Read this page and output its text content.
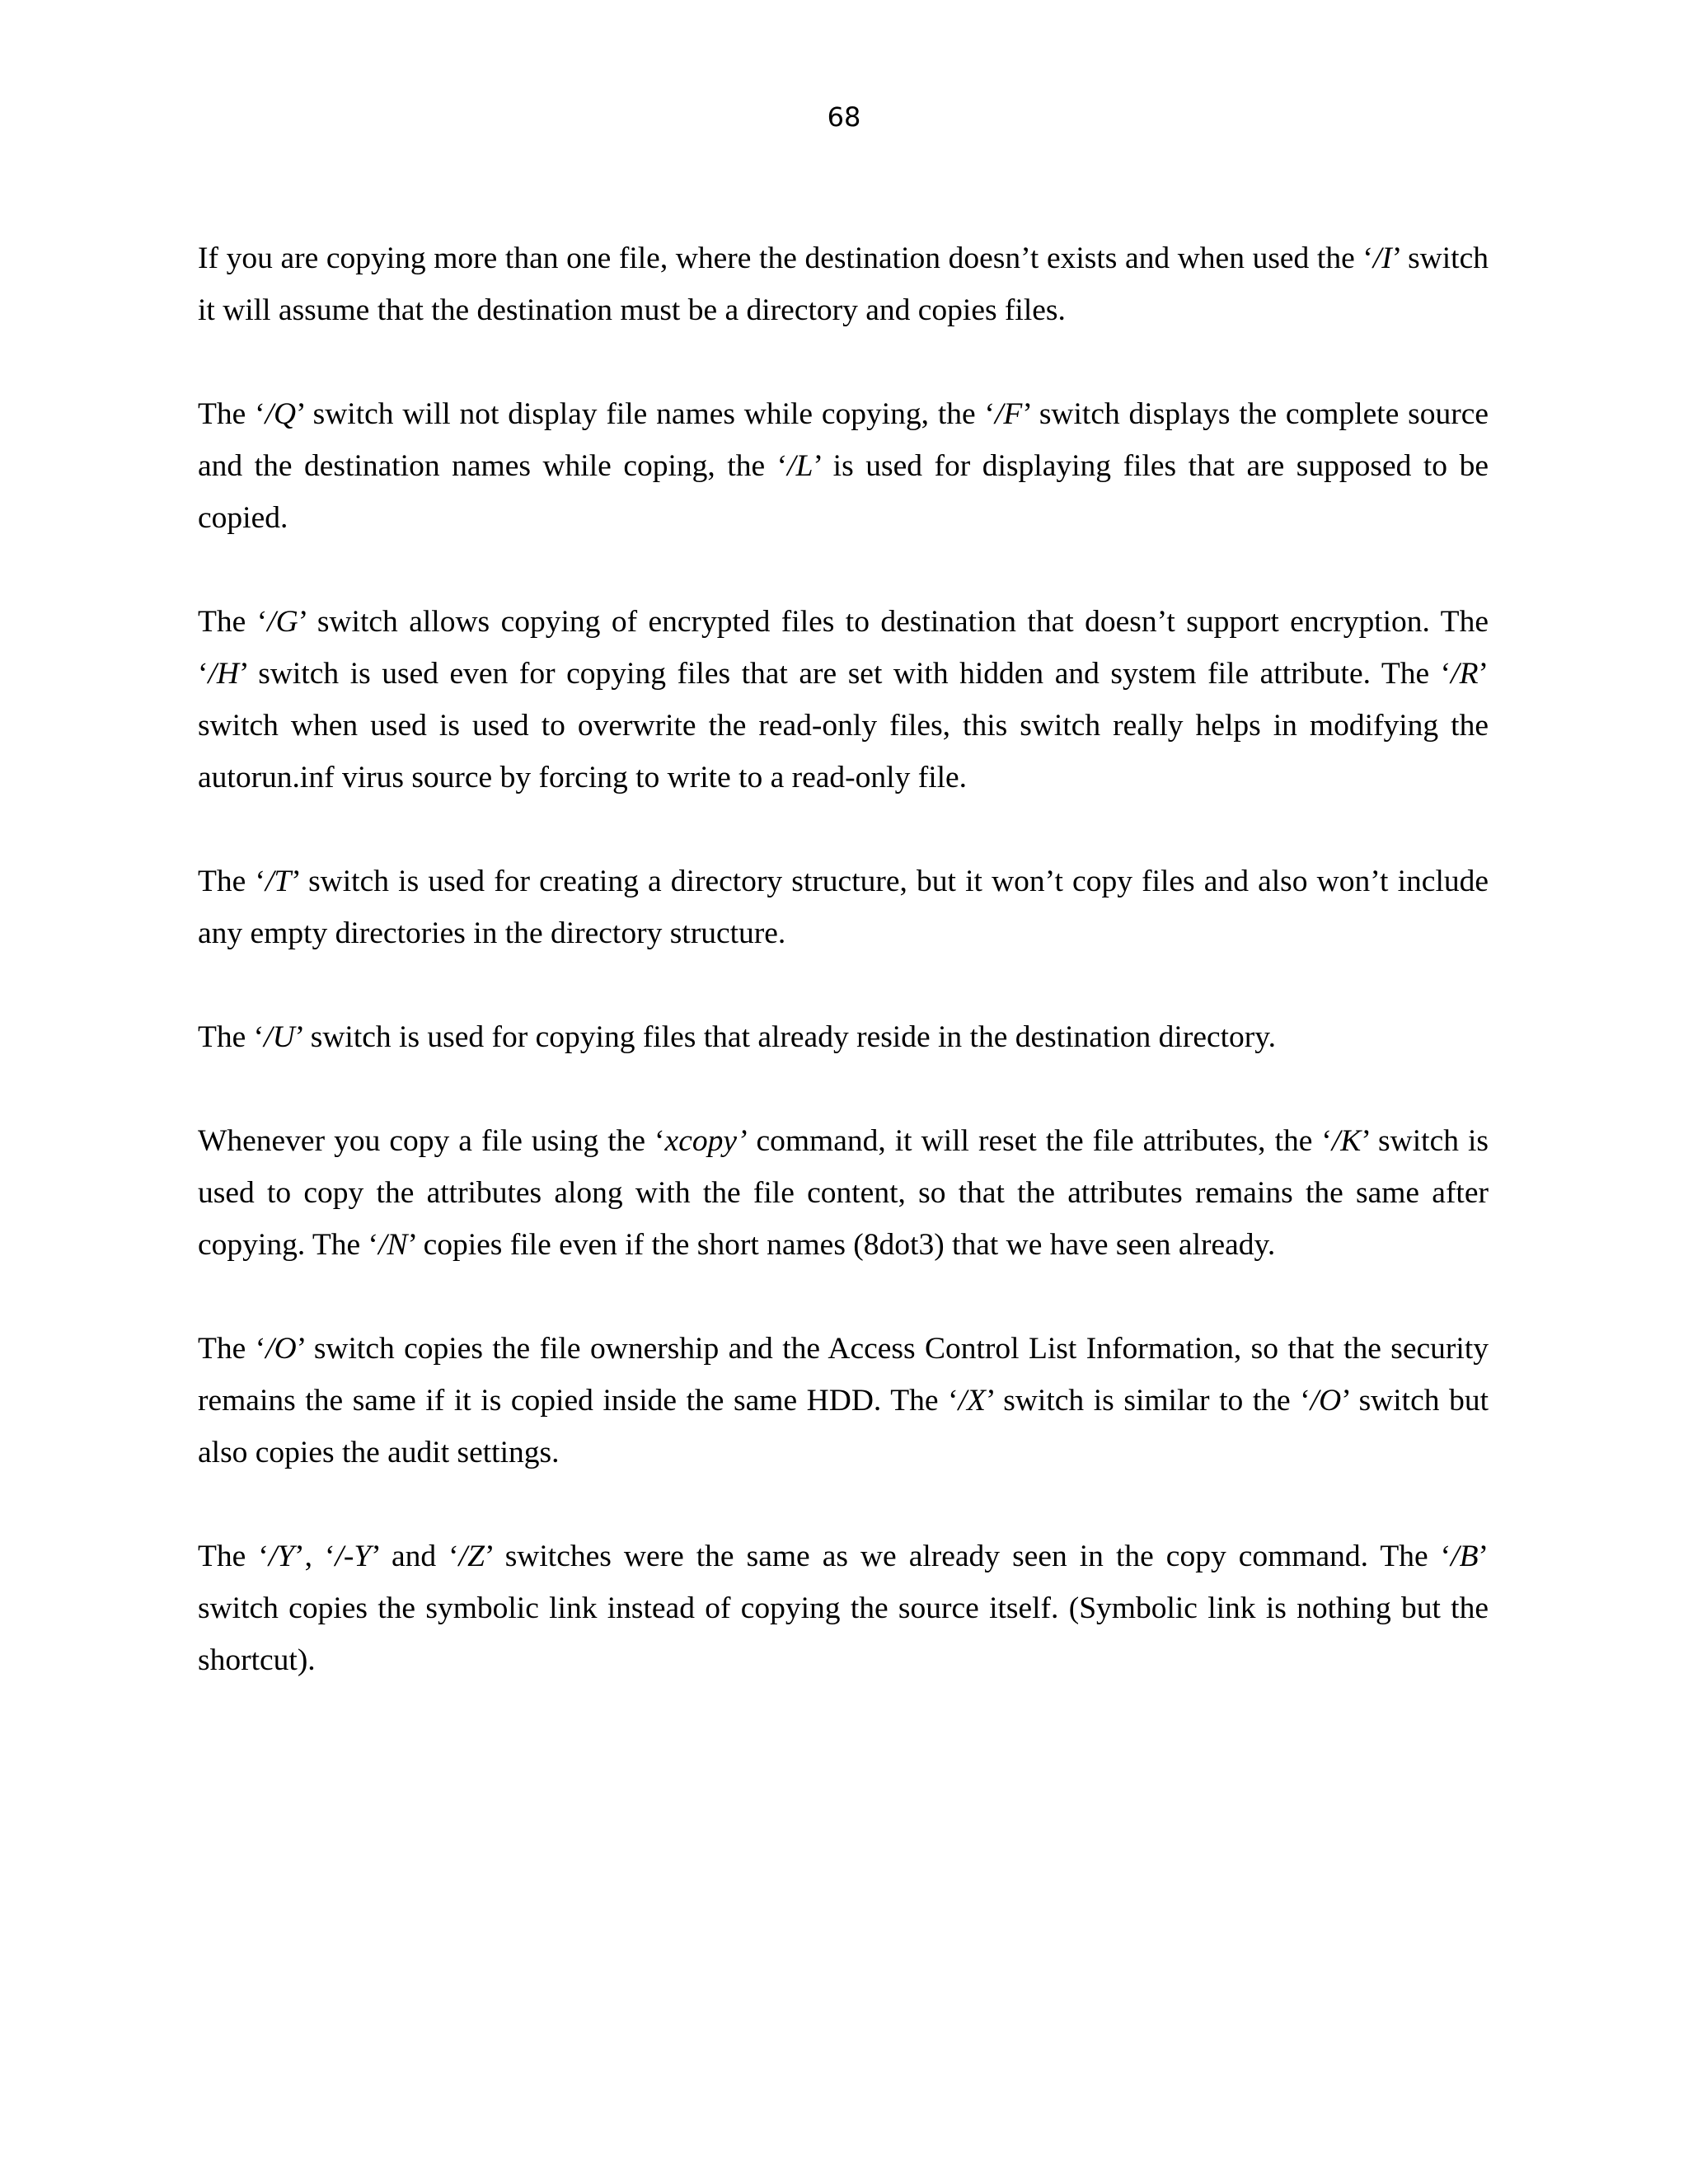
68

If you are copying more than one file, where the destination doesn’t exists and when used the ‘/I’ switch it will assume that the destination must be a directory and copies files.

The ‘/Q’ switch will not display file names while copying, the ‘/F’ switch displays the complete source and the destination names while coping, the ‘/L’ is used for displaying files that are supposed to be copied.

The ‘/G’ switch allows copying of encrypted files to destination that doesn’t support encryption. The ‘/H’ switch is used even for copying files that are set with hidden and system file attribute. The ‘/R’ switch when used is used to overwrite the read-only files, this switch really helps in modifying the autorun.inf virus source by forcing to write to a read-only file.

The ‘/T’ switch is used for creating a directory structure, but it won’t copy files and also won’t include any empty directories in the directory structure.

The ‘/U’ switch is used for copying files that already reside in the destination directory.

Whenever you copy a file using the ‘xcopy’ command, it will reset the file attributes, the ‘/K’ switch is used to copy the attributes along with the file content, so that the attributes remains the same after copying. The ‘/N’ copies file even if the short names (8dot3) that we have seen already.

The ‘/O’ switch copies the file ownership and the Access Control List Information, so that the security remains the same if it is copied inside the same HDD. The ‘/X’ switch is similar to the ‘/O’ switch but also copies the audit settings.

The ‘/Y’, ‘/-Y’ and ‘/Z’ switches were the same as we already seen in the copy command. The ‘/B’ switch copies the symbolic link instead of copying the source itself. (Symbolic link is nothing but the shortcut).
